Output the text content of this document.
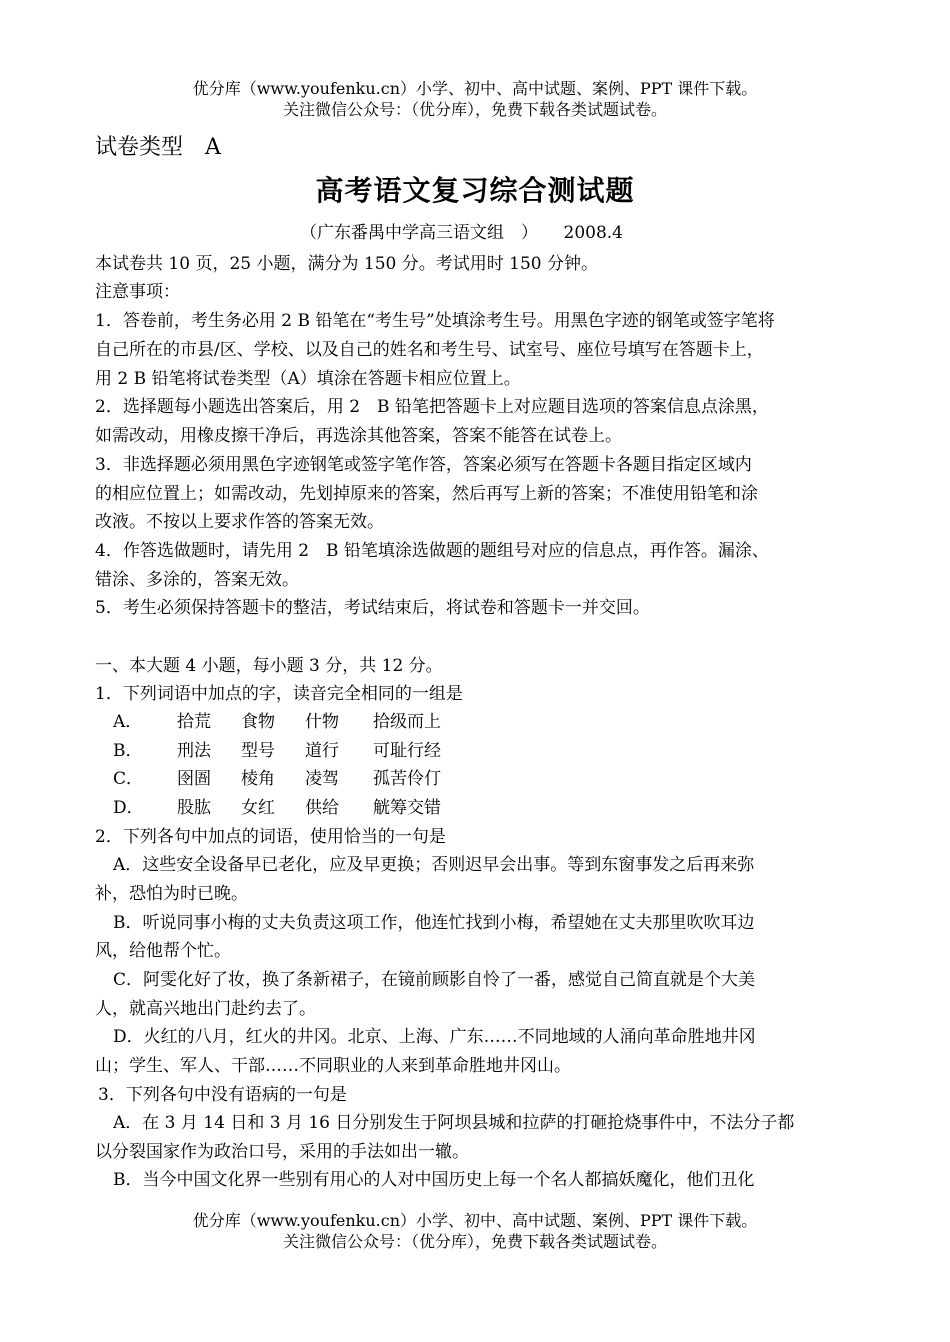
优分库（www.youfenku.cn）小学、初中、高中试题、案例、PPT 课件下载。
关注微信公众号：（优分库），免费下载各类试题试卷。
试卷类型　A
高考语文复习综合测试题
（广东番禺中学高三语文组　）　　2008.4
本试卷共 10 页，25 小题，满分为 150 分。考试用时 150 分钟。
注意事项：
1．答卷前，考生务必用 2 B 铅笔在“考生号”处填涂考生号。用黑色字迹的钢笔或签字笔将
自己所在的市县/区、学校、以及自己的姓名和考生号、试室号、座位号填写在答题卡上，
用 2 B 铅笔将试卷类型（A）填涂在答题卡相应位置上。
2．选择题每小题选出答案后，用 2　B 铅笔把答题卡上对应题目选项的答案信息点涂黑，
如需改动，用橡皮擦干净后，再选涂其他答案，答案不能答在试卷上。
3．非选择题必须用黑色字迹钢笔或签字笔作答，答案必须写在答题卡各题目指定区域内
的相应位置上；如需改动，先划掉原来的答案，然后再写上新的答案；不准使用铅笔和涂
改液。不按以上要求作答的答案无效。
4．作答选做题时，请先用 2　B 铅笔填涂选做题的题组号对应的信息点，再作答。漏涂、
错涂、多涂的，答案无效。
5．考生必须保持答题卡的整洁，考试结束后，将试卷和答题卡一并交回。
一、本大题 4 小题，每小题 3 分，共 12 分。
1．下列词语中加点的字，读音完全相同的一组是
A． 拾荒 食物 什物 拾级而上
B． 刑法 型号 道行 可耻行经
C． 囹圄 棱角 凌驾 孤苦伶仃
D． 股肱 女红 供给 觥筹交错
2．下列各句中加点的词语，使用恰当的一句是
A．这些安全设备早已老化，应及早更换；否则迟早会出事。等到东窗事发之后再来弥
补，恐怕为时已晚。
B．听说同事小梅的丈夫负责这项工作，他连忙找到小梅，希望她在丈夫那里吹吹耳边
风，给他帮个忙。
C．阿雯化好了妆，换了条新裙子，在镜前顾影自怜了一番，感觉自己简直就是个大美
人，就高兴地出门赴约去了。
D．火红的八月，红火的井冈。北京、上海、广东……不同地域的人涌向革命胜地井冈
山；学生、军人、干部……不同职业的人来到革命胜地井冈山。
3．下列各句中没有语病的一句是
A．在 3 月 14 日和 3 月 16 日分别发生于阿坝县城和拉萨的打砸抢烧事件中，不法分子都
以分裂国家作为政治口号，采用的手法如出一辙。
B．当今中国文化界一些别有用心的人对中国历史上每一个名人都搞妖魔化，他们丑化
优分库（www.youfenku.cn）小学、初中、高中试题、案例、PPT 课件下载。
关注微信公众号：（优分库），免费下载各类试题试卷。
